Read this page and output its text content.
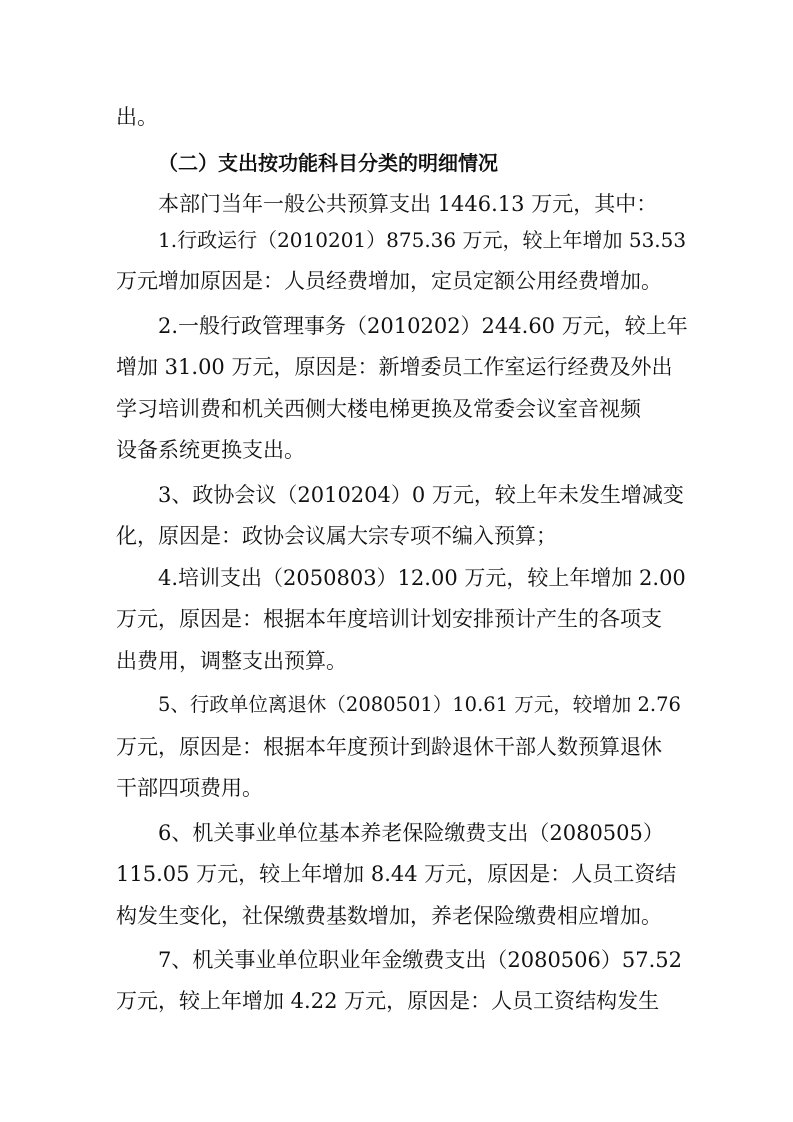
出。
（二）支出按功能科目分类的明细情况
本部门当年一般公共预算支出 1446.13 万元，其中：
1.行政运行（2010201）875.36 万元，较上年增加 53.53
万元增加原因是：人员经费增加，定员定额公用经费增加。
2.一般行政管理事务（2010202）244.60 万元，较上年
增加 31.00 万元，原因是：新增委员工作室运行经费及外出
学习培训费和机关西侧大楼电梯更换及常委会议室音视频
设备系统更换支出。
3、政协会议（2010204）0 万元，较上年未发生增减变
化，原因是：政协会议属大宗专项不编入预算；
4.培训支出（2050803）12.00 万元，较上年增加 2.00
万元，原因是：根据本年度培训计划安排预计产生的各项支
出费用，调整支出预算。
5、行政单位离退休（2080501）10.61 万元，较增加 2.76
万元，原因是：根据本年度预计到龄退休干部人数预算退休
干部四项费用。
6、机关事业单位基本养老保险缴费支出（2080505）
115.05 万元，较上年增加 8.44 万元，原因是：人员工资结
构发生变化，社保缴费基数增加，养老保险缴费相应增加。
7、机关事业单位职业年金缴费支出（2080506）57.52
万元，较上年增加 4.22 万元，原因是：人员工资结构发生
